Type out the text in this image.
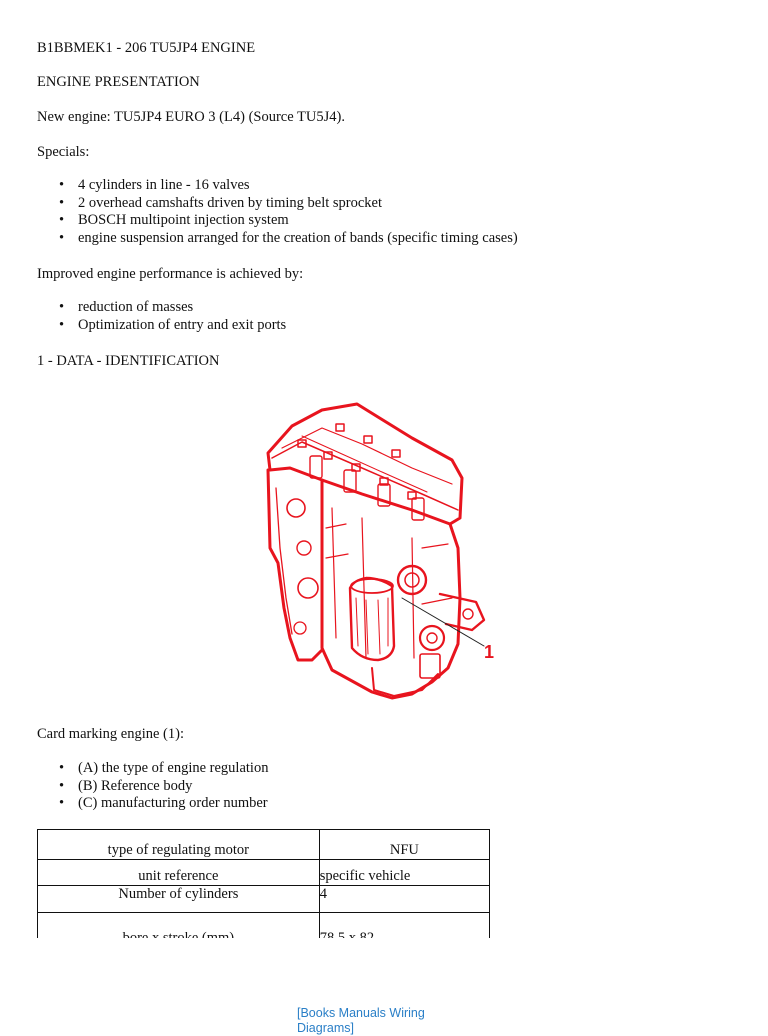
B1BBMEK1 - 206 TU5JP4 ENGINE

ENGINE PRESENTATION

New engine: TU5JP4 EURO 3 (L4) (Source TU5J4).

Specials:

• 4 cylinders in line - 16 valves
• 2 overhead camshafts driven by timing belt sprocket
• BOSCH multipoint injection system
• engine suspension arranged for the creation of bands (specific timing cases)

Improved engine performance is achieved by:

• reduction of masses
• Optimization of entry and exit ports

1 - DATA - IDENTIFICATION

1

Card marking engine (1):

• (A) the type of engine regulation
• (B) Reference body
• (C) manufacturing order number
type of regulating motor	NFU
unit reference	specific vehicle
Number of cylinders	4

[Books Manuals Wiring
Diagrams]
